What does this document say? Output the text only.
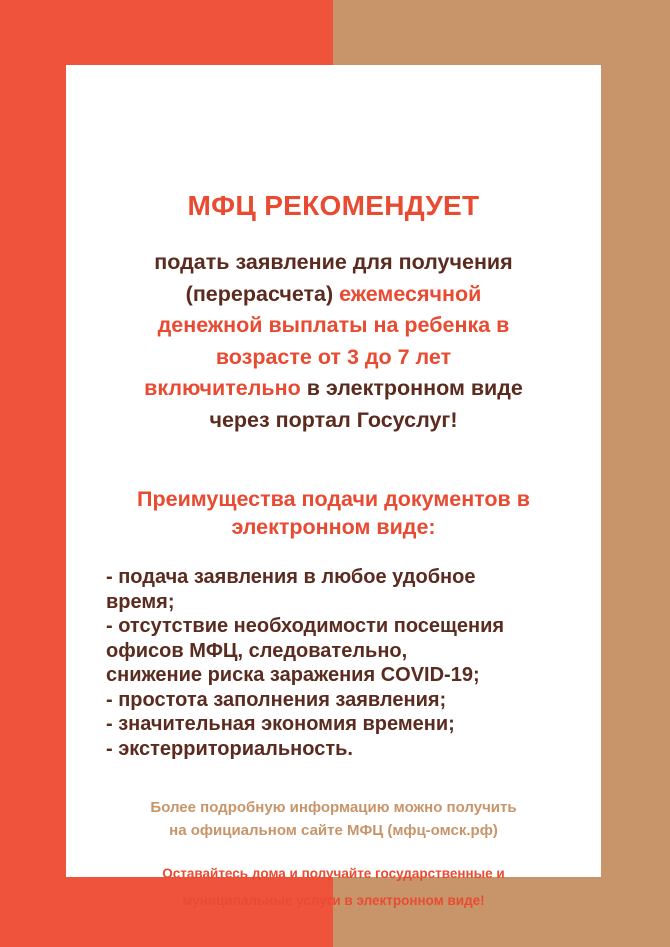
МФЦ РЕКОМЕНДУЕТ
подать заявление для получения
(перерасчета) ежемесячной
денежной выплаты на ребенка в
возрасте от 3 до 7 лет
включительно в электронном виде
через портал Госуслуг!
Преимущества подачи документов в
электронном виде:
- подача заявления в любое удобное
время;
- отсутствие необходимости посещения
офисов МФЦ, следовательно,
снижение риска заражения COVID-19;
- простота заполнения заявления;
- значительная экономия времени;
- экстерриториальность.
Более подробную информацию можно получить
на официальном сайте МФЦ (мфц-омск.рф)
Оставайтесь дома и получайте государственные и
муниципальные услуги в электронном виде!
